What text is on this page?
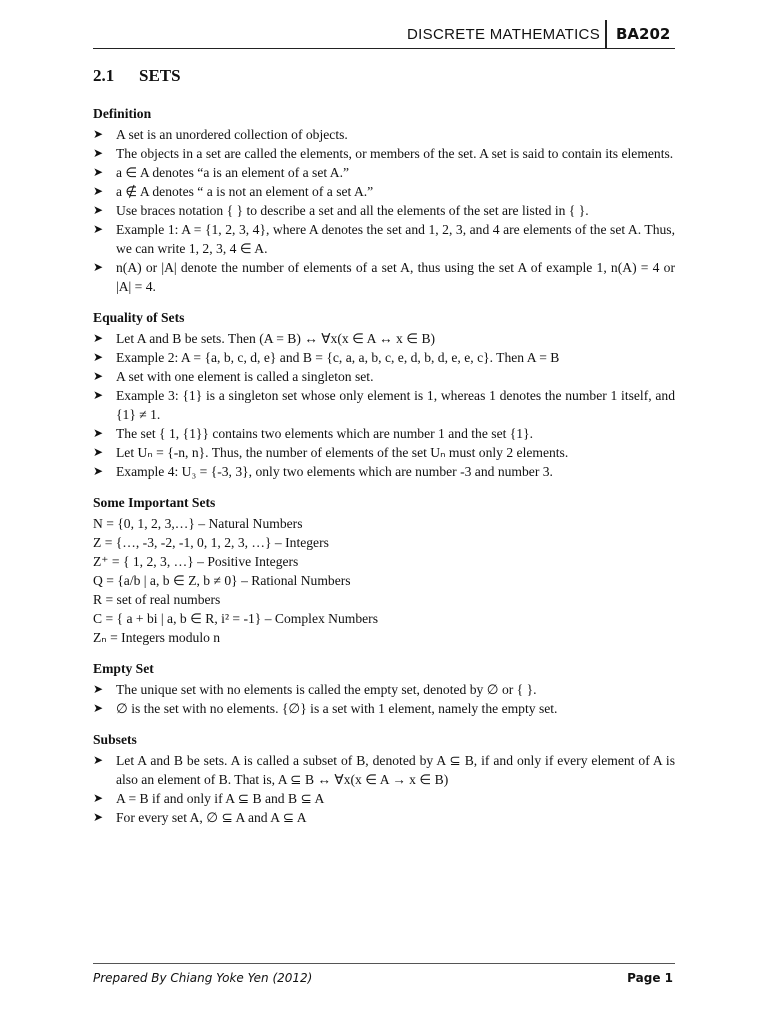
DISCRETE MATHEMATICS BA202
2.1 SETS
Definition
➤ A set is an unordered collection of objects.
➤ The objects in a set are called the elements, or members of the set. A set is said to contain its elements.
➤ a ∈ A denotes “a is an element of a set A.”
➤ a ∉ A denotes “ a is not an element of a set A.”
➤ Use braces notation { } to describe a set and all the elements of the set are listed in { }.
➤ Example 1: A = {1, 2, 3, 4}, where A denotes the set and 1, 2, 3, and 4 are elements of the set A. Thus, we can write 1, 2, 3, 4 ∈ A.
➤ n(A) or |A| denote the number of elements of a set A, thus using the set A of example 1, n(A) = 4 or |A| = 4.
Equality of Sets
➤ Let A and B be sets. Then (A = B) ↔ ∀x(x ∈ A ↔ x ∈ B)
➤ Example 2: A = {a, b, c, d, e} and B = {c, a, a, b, c, e, d, b, d, e, e, c}. Then A = B
➤ A set with one element is called a singleton set.
➤ Example 3: {1} is a singleton set whose only element is 1, whereas 1 denotes the number 1 itself, and {1} ≠ 1.
➤ The set { 1, {1}} contains two elements which are number 1 and the set {1}.
➤ Let Uₙ = {-n, n}. Thus, the number of elements of the set Uₙ must only 2 elements.
➤ Example 4: U₃ = {-3, 3}, only two elements which are number -3 and number 3.
Some Important Sets
N = {0, 1, 2, 3,…} – Natural Numbers
Z = {…, -3, -2, -1, 0, 1, 2, 3, …} – Integers
Z⁺ = { 1, 2, 3, …} – Positive Integers
Q = {a/b | a, b ∈ Z, b ≠ 0} – Rational Numbers
R = set of real numbers
C = { a + bi | a, b ∈ R, i² = -1} – Complex Numbers
Zₙ = Integers modulo n
Empty Set
➤ The unique set with no elements is called the empty set, denoted by ∅ or { }.
➤ ∅ is the set with no elements. {∅} is a set with 1 element, namely the empty set.
Subsets
➤ Let A and B be sets. A is called a subset of B, denoted by A ⊆ B, if and only if every element of A is also an element of B. That is, A ⊆ B ↔ ∀x(x ∈ A → x ∈ B)
➤ A = B if and only if A ⊆ B and B ⊆ A
➤ For every set A, ∅ ⊆ A and A ⊆ A
Prepared By Chiang Yoke Yen (2012)	Page 1
